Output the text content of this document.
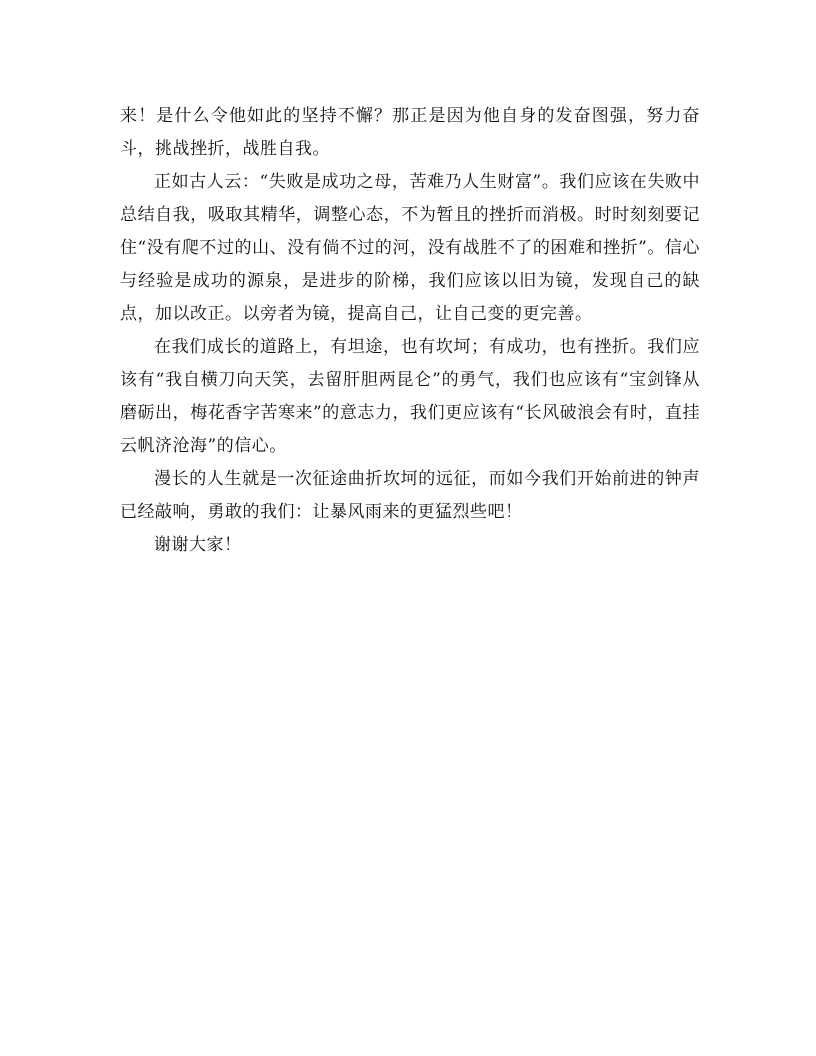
来！是什么令他如此的坚持不懈？那正是因为他自身的发奋图强，努力奋斗，挑战挫折，战胜自我。

正如古人云：“失败是成功之母，苦难乃人生财富”。我们应该在失败中总结自我，吸取其精华，调整心态，不为暂且的挫折而消极。时时刻刻要记住“没有爬不过的山、没有倘不过的河，没有战胜不了的困难和挫折”。信心与经验是成功的源泉，是进步的阶梯，我们应该以旧为镜，发现自己的缺点，加以改正。以旁者为镜，提高自己，让自己变的更完善。

在我们成长的道路上，有坦途，也有坎坷；有成功，也有挫折。我们应该有“我自横刀向天笑，去留肝胆两昆仑”的勇气，我们也应该有“宝剑锋从磨砺出，梅花香字苦寒来”的意志力，我们更应该有“长风破浪会有时，直挂云帆济沧海”的信心。

漫长的人生就是一次征途曲折坎坷的远征，而如今我们开始前进的钟声已经敲响，勇敢的我们：让暴风雨来的更猛烈些吧！

谢谢大家！
